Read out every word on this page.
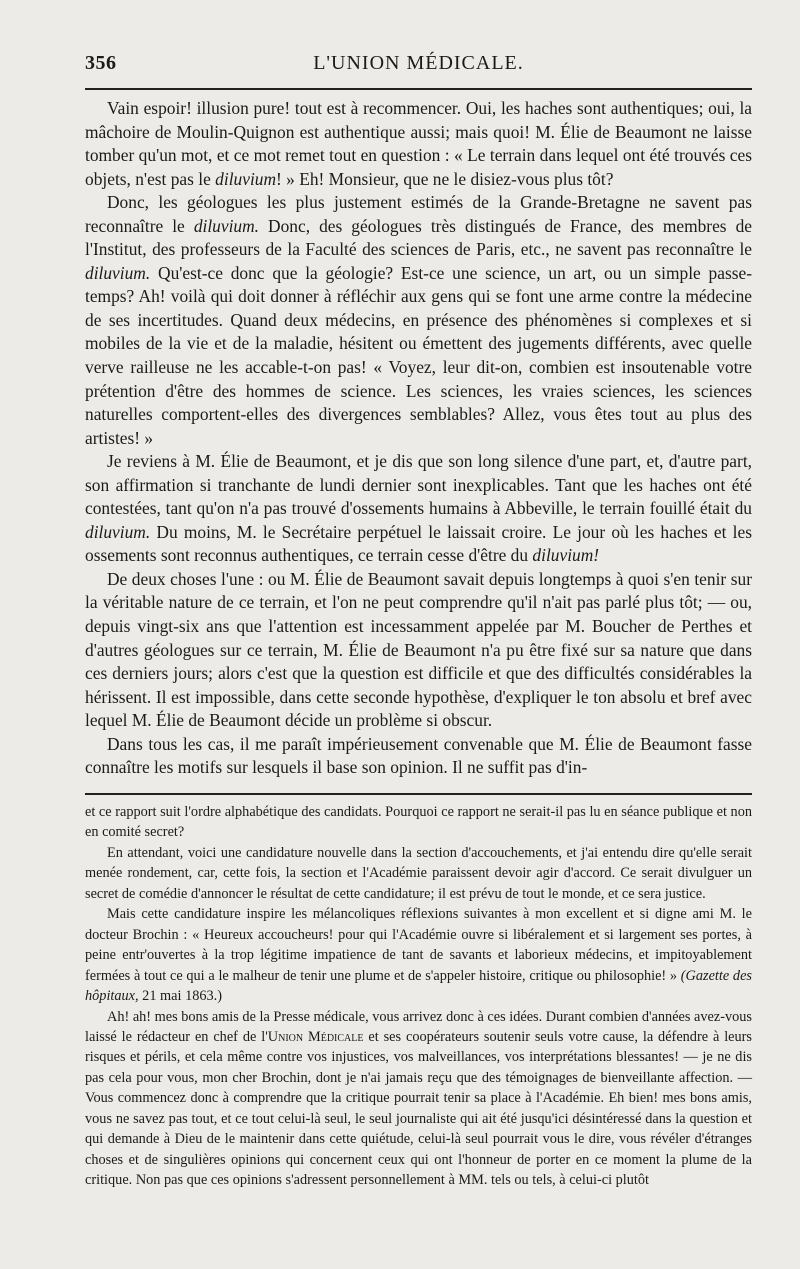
356	L'UNION MÉDICALE.

Vain espoir! illusion pure! tout est à recommencer. Oui, les haches sont authentiques; oui, la mâchoire de Moulin-Quignon est authentique aussi; mais quoi! M. Élie de Beaumont ne laisse tomber qu'un mot, et ce mot remet tout en question : « Le terrain dans lequel ont été trouvés ces objets, n'est pas le diluvium! » Eh! Monsieur, que ne le disiez-vous plus tôt?

Donc, les géologues les plus justement estimés de la Grande-Bretagne ne savent pas reconnaître le diluvium. Donc, des géologues très distingués de France, des membres de l'Institut, des professeurs de la Faculté des sciences de Paris, etc., ne savent pas reconnaître le diluvium. Qu'est-ce donc que la géologie? Est-ce une science, un art, ou un simple passe-temps? Ah! voilà qui doit donner à réfléchir aux gens qui se font une arme contre la médecine de ses incertitudes. Quand deux médecins, en présence des phénomènes si complexes et si mobiles de la vie et de la maladie, hésitent ou émettent des jugements différents, avec quelle verve railleuse ne les accable-t-on pas! « Voyez, leur dit-on, combien est insoutenable votre prétention d'être des hommes de science. Les sciences, les vraies sciences, les sciences naturelles comportent-elles des divergences semblables? Allez, vous êtes tout au plus des artistes! »

Je reviens à M. Élie de Beaumont, et je dis que son long silence d'une part, et, d'autre part, son affirmation si tranchante de lundi dernier sont inexplicables. Tant que les haches ont été contestées, tant qu'on n'a pas trouvé d'ossements humains à Abbeville, le terrain fouillé était du diluvium. Du moins, M. le Secrétaire perpétuel le laissait croire. Le jour où les haches et les ossements sont reconnus authentiques, ce terrain cesse d'être du diluvium!

De deux choses l'une : ou M. Élie de Beaumont savait depuis longtemps à quoi s'en tenir sur la véritable nature de ce terrain, et l'on ne peut comprendre qu'il n'ait pas parlé plus tôt; — ou, depuis vingt-six ans que l'attention est incessamment appelée par M. Boucher de Perthes et d'autres géologues sur ce terrain, M. Élie de Beaumont n'a pu être fixé sur sa nature que dans ces derniers jours; alors c'est que la question est difficile et que des difficultés considérables la hérissent. Il est impossible, dans cette seconde hypothèse, d'expliquer le ton absolu et bref avec lequel M. Élie de Beaumont décide un problème si obscur.

Dans tous les cas, il me paraît impérieusement convenable que M. Élie de Beaumont fasse connaître les motifs sur lesquels il base son opinion. Il ne suffit pas d'in-

et ce rapport suit l'ordre alphabétique des candidats. Pourquoi ce rapport ne serait-il pas lu en séance publique et non en comité secret?

En attendant, voici une candidature nouvelle dans la section d'accouchements, et j'ai entendu dire qu'elle serait menée rondement, car, cette fois, la section et l'Académie paraissent devoir agir d'accord. Ce serait divulguer un secret de comédie d'annoncer le résultat de cette candidature; il est prévu de tout le monde, et ce sera justice.

Mais cette candidature inspire les mélancoliques réflexions suivantes à mon excellent et si digne ami M. le docteur Brochin : « Heureux accoucheurs! pour qui l'Académie ouvre si libéralement et si largement ses portes, à peine entr'ouvertes à la trop légitime impatience de tant de savants et laborieux médecins, et impitoyablement fermées à tout ce qui a le malheur de tenir une plume et de s'appeler histoire, critique ou philosophie! » (Gazette des hôpitaux, 21 mai 1863.)

Ah! ah! mes bons amis de la Presse médicale, vous arrivez donc à ces idées. Durant combien d'années avez-vous laissé le rédacteur en chef de l'Union Médicale et ses coopérateurs soutenir seuls votre cause, la défendre à leurs risques et périls, et cela même contre vos injustices, vos malveillances, vos interprétations blessantes! — je ne dis pas cela pour vous, mon cher Brochin, dont je n'ai jamais reçu que des témoignages de bienveillante affection. — Vous commencez donc à comprendre que la critique pourrait tenir sa place à l'Académie. Eh bien! mes bons amis, vous ne savez pas tout, et ce tout celui-là seul, le seul journaliste qui ait été jusqu'ici désintéressé dans la question et qui demande à Dieu de le maintenir dans cette quiétude, celui-là seul pourrait vous le dire, vous révéler d'étranges choses et de singulières opinions qui concernent ceux qui ont l'honneur de porter en ce moment la plume de la critique. Non pas que ces opinions s'adressent personnellement à MM. tels ou tels, à celui-ci plutôt
